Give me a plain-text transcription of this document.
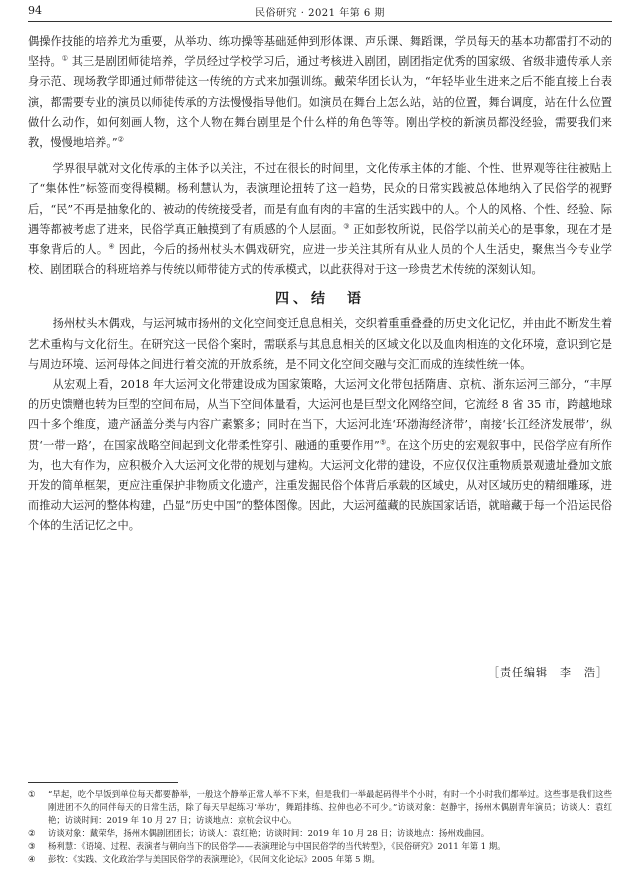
94	民俗研究 · 2021 年第 6 期

偶操作技能的培养尤为重要，从举功、练功操等基础延伸到形体课、声乐课、舞蹈课，学员每天的基本功都雷打不动的坚持。① 其三是剧团师徒培养，学员经过学校学习后，通过考核进入剧团，剧团指定优秀的国家级、省级非遗传承人亲身示范、现场教学即通过师带徒这一传统的方式来加强训练。戴荣华团长认为，“年轻毕业生进来之后不能直接上台表演，都需要专业的演员以师徒传承的方法慢慢指导他们。如演员在舞台上怎么站，站的位置，舞台调度，站在什么位置做什么动作，如何刻画人物，这个人物在舞台剧里是个什么样的角色等等。刚出学校的新演员都没经验，需要我们来教，慢慢地培养。”②

学界很早就对文化传承的主体予以关注，不过在很长的时间里，文化传承主体的才能、个性、世界观等往往被贴上了“集体性”标签而变得模糊。杨利慧认为，表演理论扭转了这一趋势，民众的日常实践被总体地纳入了民俗学的视野后，“民”不再是抽象化的、被动的传统接受者，而是有血有肉的丰富的生活实践中的人。个人的风格、个性、经验、际遇等都被考虑了进来，民俗学真正触摸到了有质感的个人层面。③ 正如彭牧所说，民俗学以前关心的是事象，现在才是事象背后的人。④ 因此，今后的扬州杖头木偶戏研究，应进一步关注其所有从业人员的个人生活史，聚焦当今专业学校、剧团联合的科班培养与传统以师带徒方式的传承模式，以此获得对于这一珍贵艺术传统的深刻认知。

四、结　语

扬州杖头木偶戏，与运河城市扬州的文化空间变迁息息相关，交织着重重叠叠的历史文化记忆，并由此不断发生着艺术重构与文化衍生。在研究这一民俗个案时，需联系与其息息相关的区域文化以及血肉相连的文化环境，意识到它是与周边环境、运河母体之间进行着交流的开放系统，是不同文化空间交融与交汇而成的连续性统一体。

从宏观上看，2018 年大运河文化带建设成为国家策略，大运河文化带包括隋唐、京杭、浙东运河三部分，“丰厚的历史馈赠也转为巨型的空间布局，从当下空间体量看，大运河也是巨型文化网络空间，它流经 8 省 35 市，跨越地球四十多个维度，遗产涵盖分类与内容广素繁多；同时在当下，大运河北连‘环渤海经济带’，南接‘长江经济发展带’，纵贯‘一带一路’，在国家战略空间起到文化带柔性穿引、融通的重要作用”⑤。在这个历史的宏观叙事中，民俗学应有所作为，也大有作为，应积极介入大运河文化带的规划与建构。大运河文化带的建设，不应仅仅注重物质景观遗址叠加文旅开发的简单框架，更应注重保护非物质文化遗产，注重发掘民俗个体背后承载的区域史，从对区域历史的精细雕琢，进而推动大运河的整体构建，凸显“历史中国”的整体图像。因此，大运河蕴藏的民族国家话语，就暗藏于每一个沿运民俗个体的生活记忆之中。

［责任编辑　李　浩］
①	“早起，吃个早饭到单位每天都要静举，一般这个静举正常人举不下来，但是我们一举最起码得半个小时，有时一个小时我们都举过。这些事是我们这些刚进团不久的同伴每天的日常生活，除了每天早起练习‘举功’，舞蹈排练、拉伸也必不可少。”访谈对象：赵静宇，扬州木偶剧青年演员；访谈人：袁红艳；访谈时间：2019 年 10 月 27 日；访谈地点：京杭会议中心。
②	访谈对象：戴荣华，扬州木偶剧团团长；访谈人：袁红艳；访谈时间：2019 年 10 月 28 日；访谈地点：扬州戏曲园。
③	杨利慧：《语境、过程、表演者与朝向当下的民俗学——表演理论与中国民俗学的当代转型》，《民俗研究》2011 年第 1 期。
④	彭牧：《实践、文化政治学与美国民俗学的表演理论》，《民间文化论坛》2005 年第 5 期。
